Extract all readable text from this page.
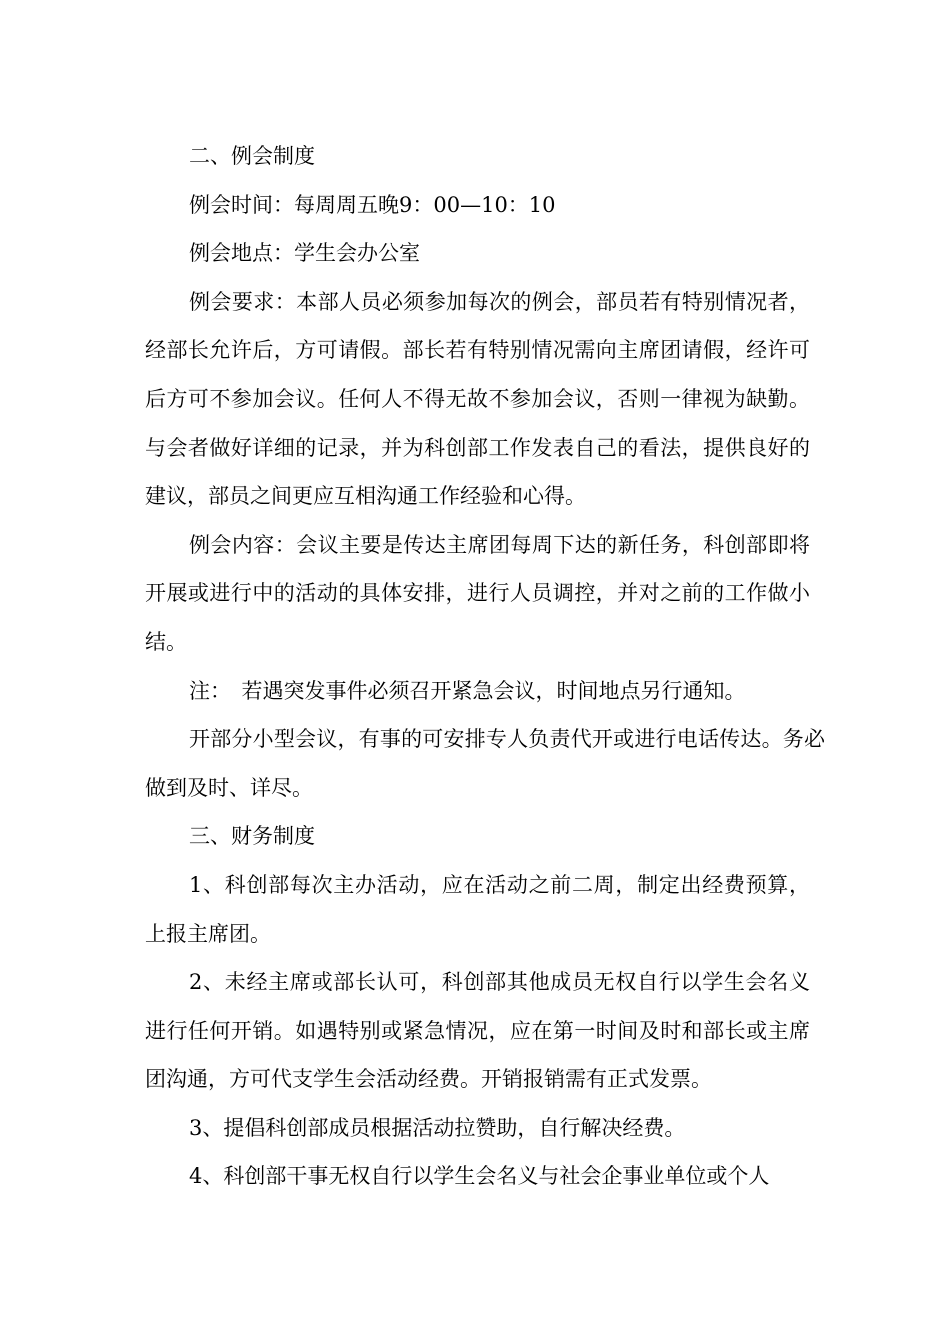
二、例会制度

例会时间：每周周五晚9：00—10：10

例会地点：学生会办公室

例会要求：本部人员必须参加每次的例会，部员若有特别情况者，经部长允许后，方可请假。部长若有特别情况需向主席团请假，经许可后方可不参加会议。任何人不得无故不参加会议，否则一律视为缺勤。与会者做好详细的记录，并为科创部工作发表自己的看法，提供良好的建议，部员之间更应互相沟通工作经验和心得。

例会内容：会议主要是传达主席团每周下达的新任务，科创部即将开展或进行中的活动的具体安排，进行人员调控，并对之前的工作做小结。

注：　若遇突发事件必须召开紧急会议，时间地点另行通知。

开部分小型会议，有事的可安排专人负责代开或进行电话传达。务必做到及时、详尽。

三、财务制度

1、科创部每次主办活动，应在活动之前二周，制定出经费预算，上报主席团。

2、未经主席或部长认可，科创部其他成员无权自行以学生会名义进行任何开销。如遇特别或紧急情况，应在第一时间及时和部长或主席团沟通，方可代支学生会活动经费。开销报销需有正式发票。

3、提倡科创部成员根据活动拉赞助，自行解决经费。

4、科创部干事无权自行以学生会名义与社会企事业单位或个人
